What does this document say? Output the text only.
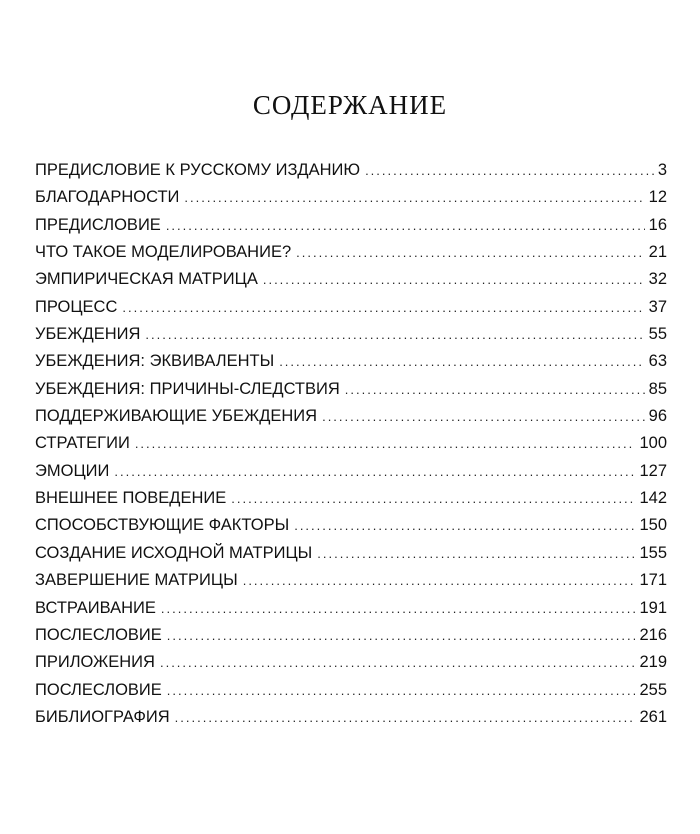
СОДЕРЖАНИЕ
ПРЕДИСЛОВИЕ К РУССКОМУ ИЗДАНИЮ .....	3
БЛАГОДАРНОСТИ .....	12
ПРЕДИСЛОВИЕ .....	16
ЧТО ТАКОЕ МОДЕЛИРОВАНИЕ? .....	21
ЭМПИРИЧЕСКАЯ МАТРИЦА .....	32
ПРОЦЕСС .....	37
УБЕЖДЕНИЯ .....	55
УБЕЖДЕНИЯ: ЭКВИВАЛЕНТЫ .....	63
УБЕЖДЕНИЯ: ПРИЧИНЫ-СЛЕДСТВИЯ .....	85
ПОДДЕРЖИВАЮЩИЕ УБЕЖДЕНИЯ .....	96
СТРАТЕГИИ .....	100
ЭМОЦИИ .....	127
ВНЕШНЕЕ ПОВЕДЕНИЕ .....	142
СПОСОБСТВУЮЩИЕ ФАКТОРЫ .....	150
СОЗДАНИЕ ИСХОДНОЙ МАТРИЦЫ .....	155
ЗАВЕРШЕНИЕ МАТРИЦЫ .....	171
ВСТРАИВАНИЕ .....	191
ПОСЛЕСЛОВИЕ .....	216
ПРИЛОЖЕНИЯ .....	219
ПОСЛЕСЛОВИЕ .....	255
БИБЛИОГРАФИЯ .....	261
